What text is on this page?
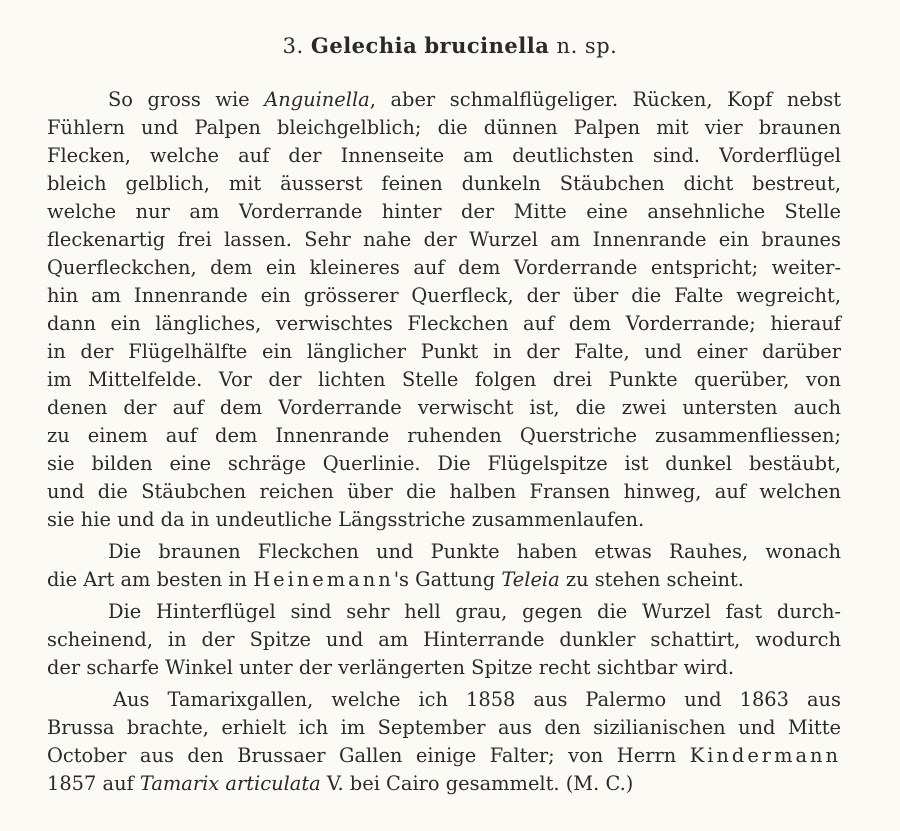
3. Gelechia brucinella n. sp.
So gross wie Anguinella, aber schmalflügeliger. Rücken, Kopf nebst
Fühlern und Palpen bleichgelblich; die dünnen Palpen mit vier braunen
Flecken, welche auf der Innenseite am deutlichsten sind. Vorderflügel
bleich gelblich, mit äusserst feinen dunkeln Stäubchen dicht bestreut,
welche nur am Vorderrande hinter der Mitte eine ansehnliche Stelle
fleckenartig frei lassen. Sehr nahe der Wurzel am Innenrande ein braunes
Querfleckchen, dem ein kleineres auf dem Vorderrande entspricht; weiter-
hin am Innenrande ein grösserer Querfleck, der über die Falte wegreicht,
dann ein längliches, verwischtes Fleckchen auf dem Vorderrande; hierauf
in der Flügelhälfte ein länglicher Punkt in der Falte, und einer darüber
im Mittelfelde. Vor der lichten Stelle folgen drei Punkte querüber, von
denen der auf dem Vorderrande verwischt ist, die zwei untersten auch
zu einem auf dem Innenrande ruhenden Querstriche zusammenfliessen;
sie bilden eine schräge Querlinie. Die Flügelspitze ist dunkel bestäubt,
und die Stäubchen reichen über die halben Fransen hinweg, auf welchen
sie hie und da in undeutliche Längsstriche zusammenlaufen.
Die braunen Fleckchen und Punkte haben etwas Rauhes, wonach
die Art am besten in Heinemann's Gattung Teleia zu stehen scheint.
Die Hinterflügel sind sehr hell grau, gegen die Wurzel fast durch-
scheinend, in der Spitze und am Hinterrande dunkler schattirt, wodurch
der scharfe Winkel unter der verlängerten Spitze recht sichtbar wird.
Aus Tamarixgallen, welche ich 1858 aus Palermo und 1863 aus
Brussa brachte, erhielt ich im September aus den sizilianischen und Mitte
October aus den Brussaer Gallen einige Falter; von Herrn Kindermann
1857 auf Tamarix articulata V. bei Cairo gesammelt. (M. C.)
